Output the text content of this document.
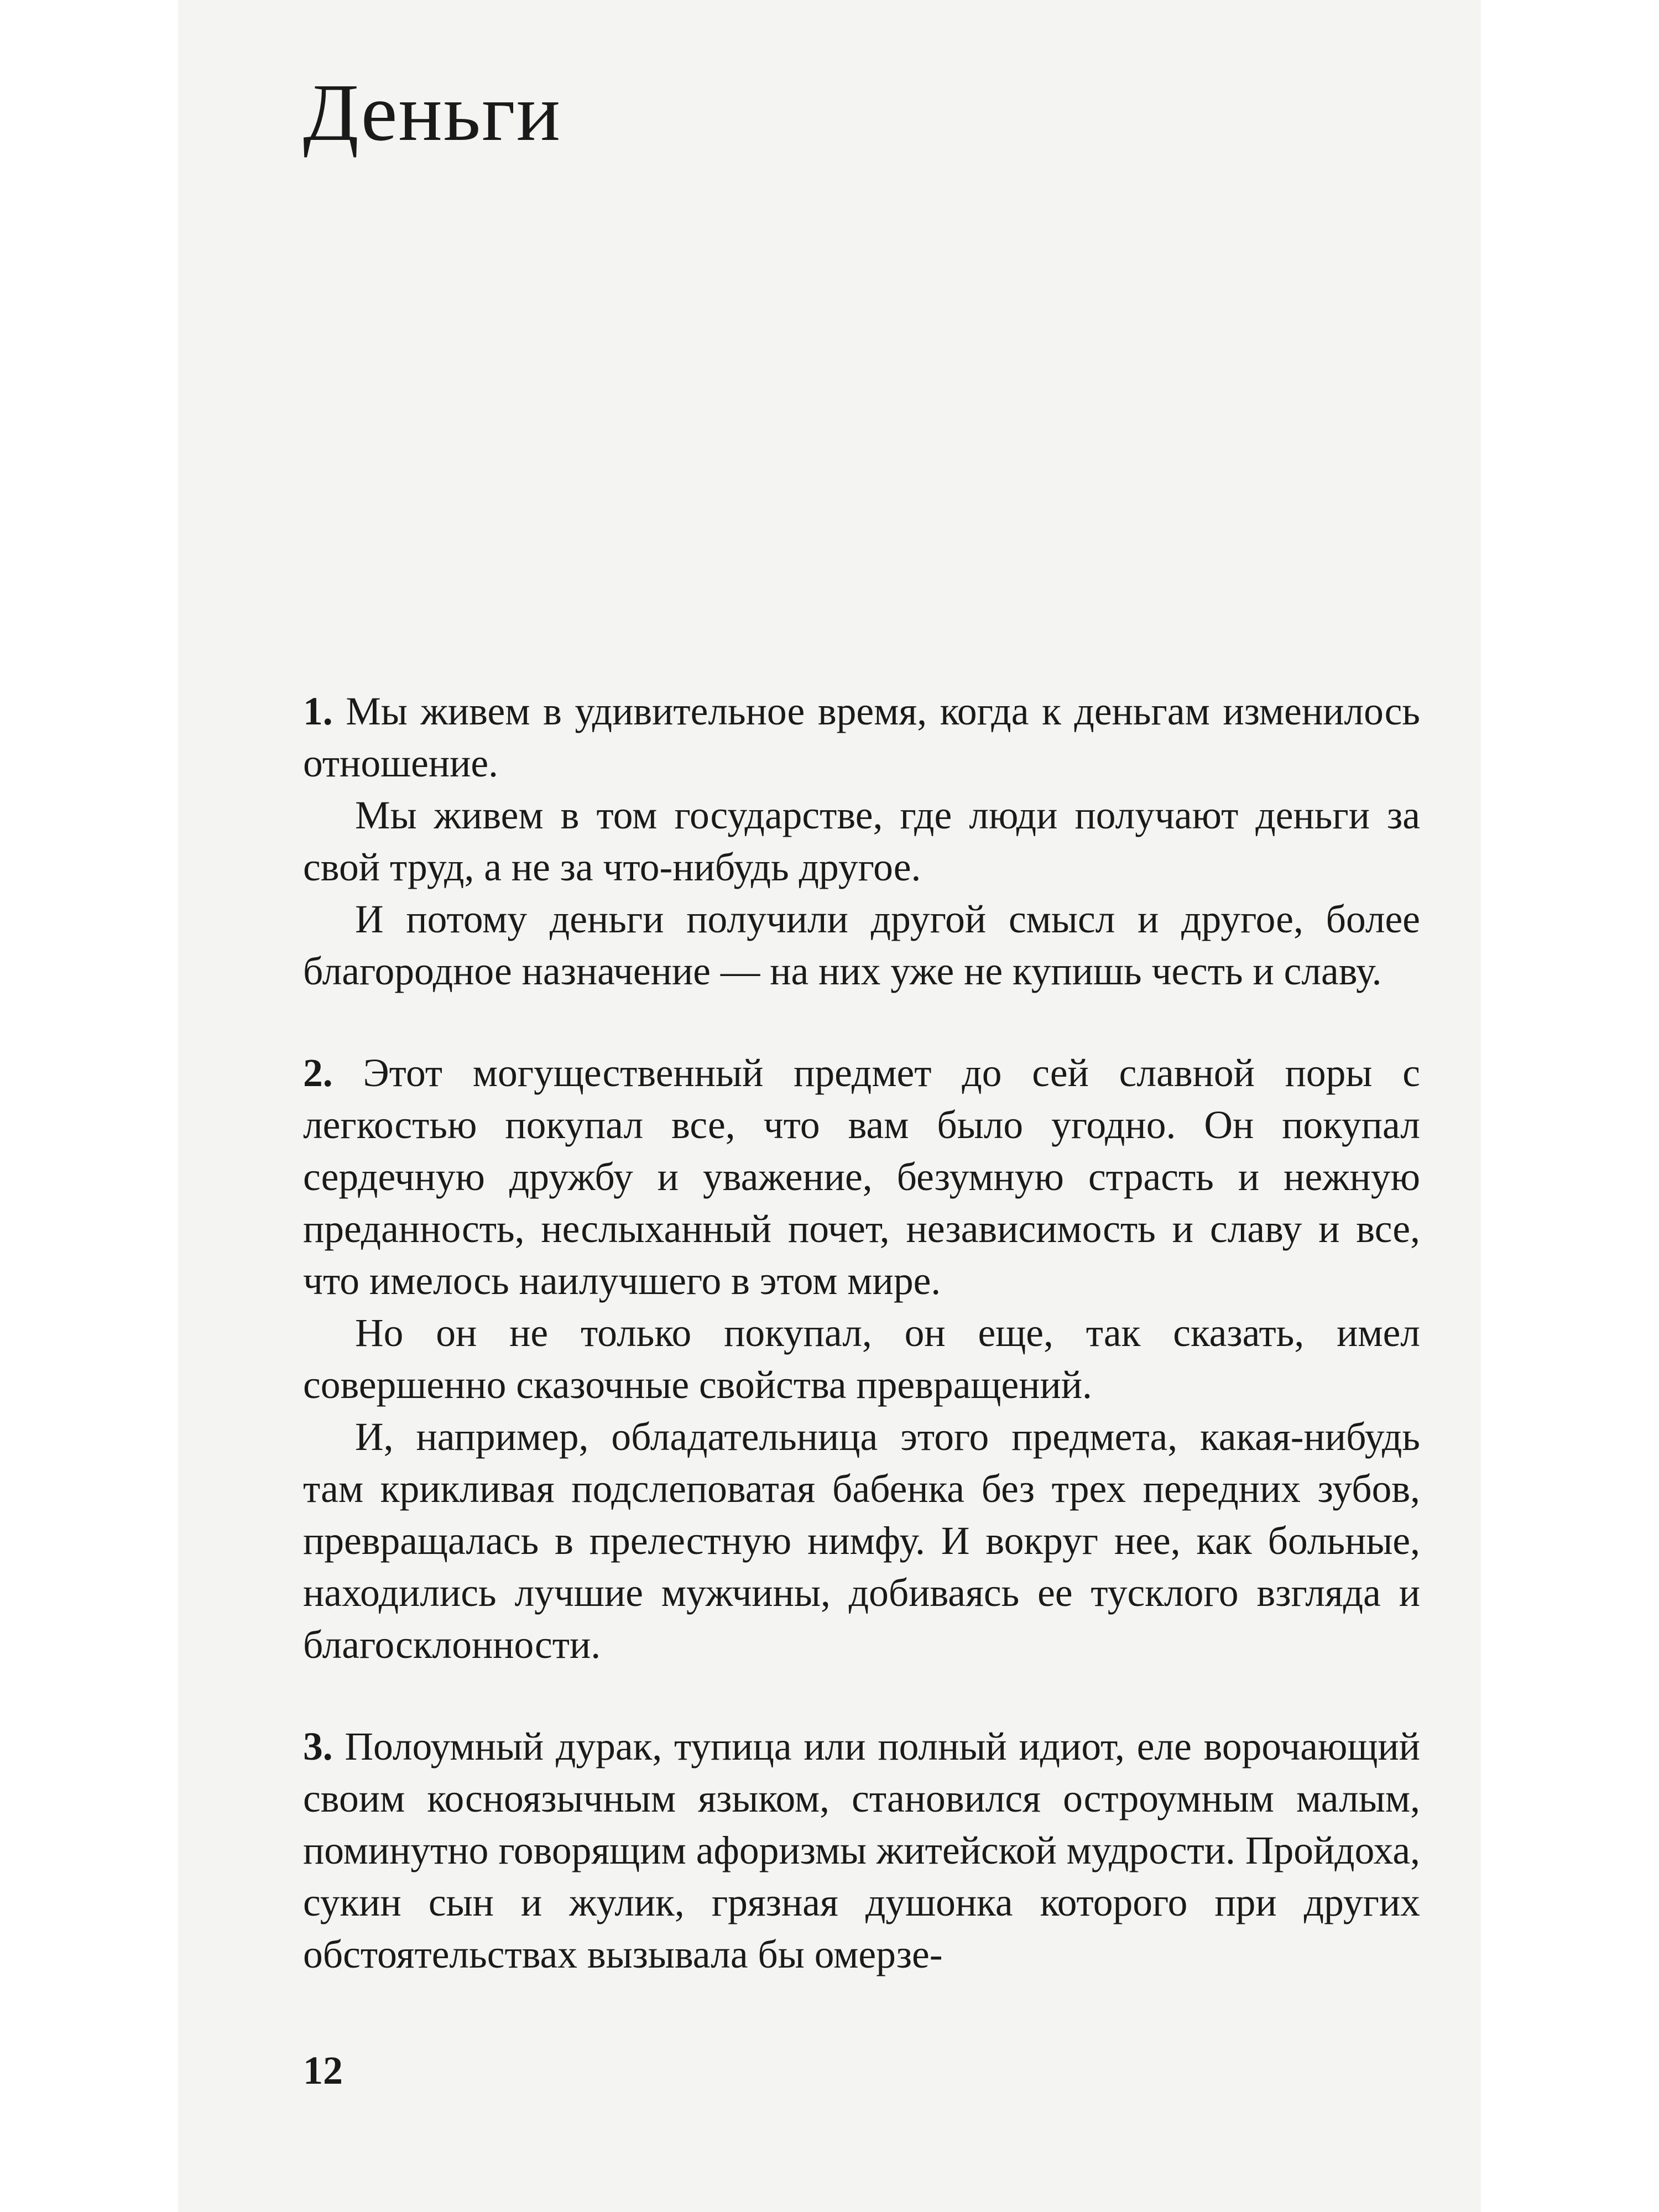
Деньги

1. Мы живем в удивительное время, когда к деньгам изменилось отношение.

Мы живем в том государстве, где люди получают деньги за свой труд, а не за что-нибудь другое.

И потому деньги получили другой смысл и другое, более благородное назначение — на них уже не купишь честь и славу.

2. Этот могущественный предмет до сей славной поры с легкостью покупал все, что вам было угодно. Он покупал сердечную дружбу и уважение, безумную страсть и нежную преданность, неслыханный почет, независимость и славу и все, что имелось наилучшего в этом мире.

Но он не только покупал, он еще, так сказать, имел совершенно сказочные свойства превращений.

И, например, обладательница этого предмета, какая-нибудь там крикливая подслеповатая бабенка без трех передних зубов, превращалась в прелестную нимфу. И вокруг нее, как больные, находились лучшие мужчины, добиваясь ее тусклого взгляда и благосклонности.

3. Полоумный дурак, тупица или полный идиот, еле ворочающий своим косноязычным языком, становился остроумным малым, поминутно говорящим афоризмы житейской мудрости. Пройдоха, сукин сын и жулик, грязная душонка которого при других обстоятельствах вызывала бы омерзе-

12
